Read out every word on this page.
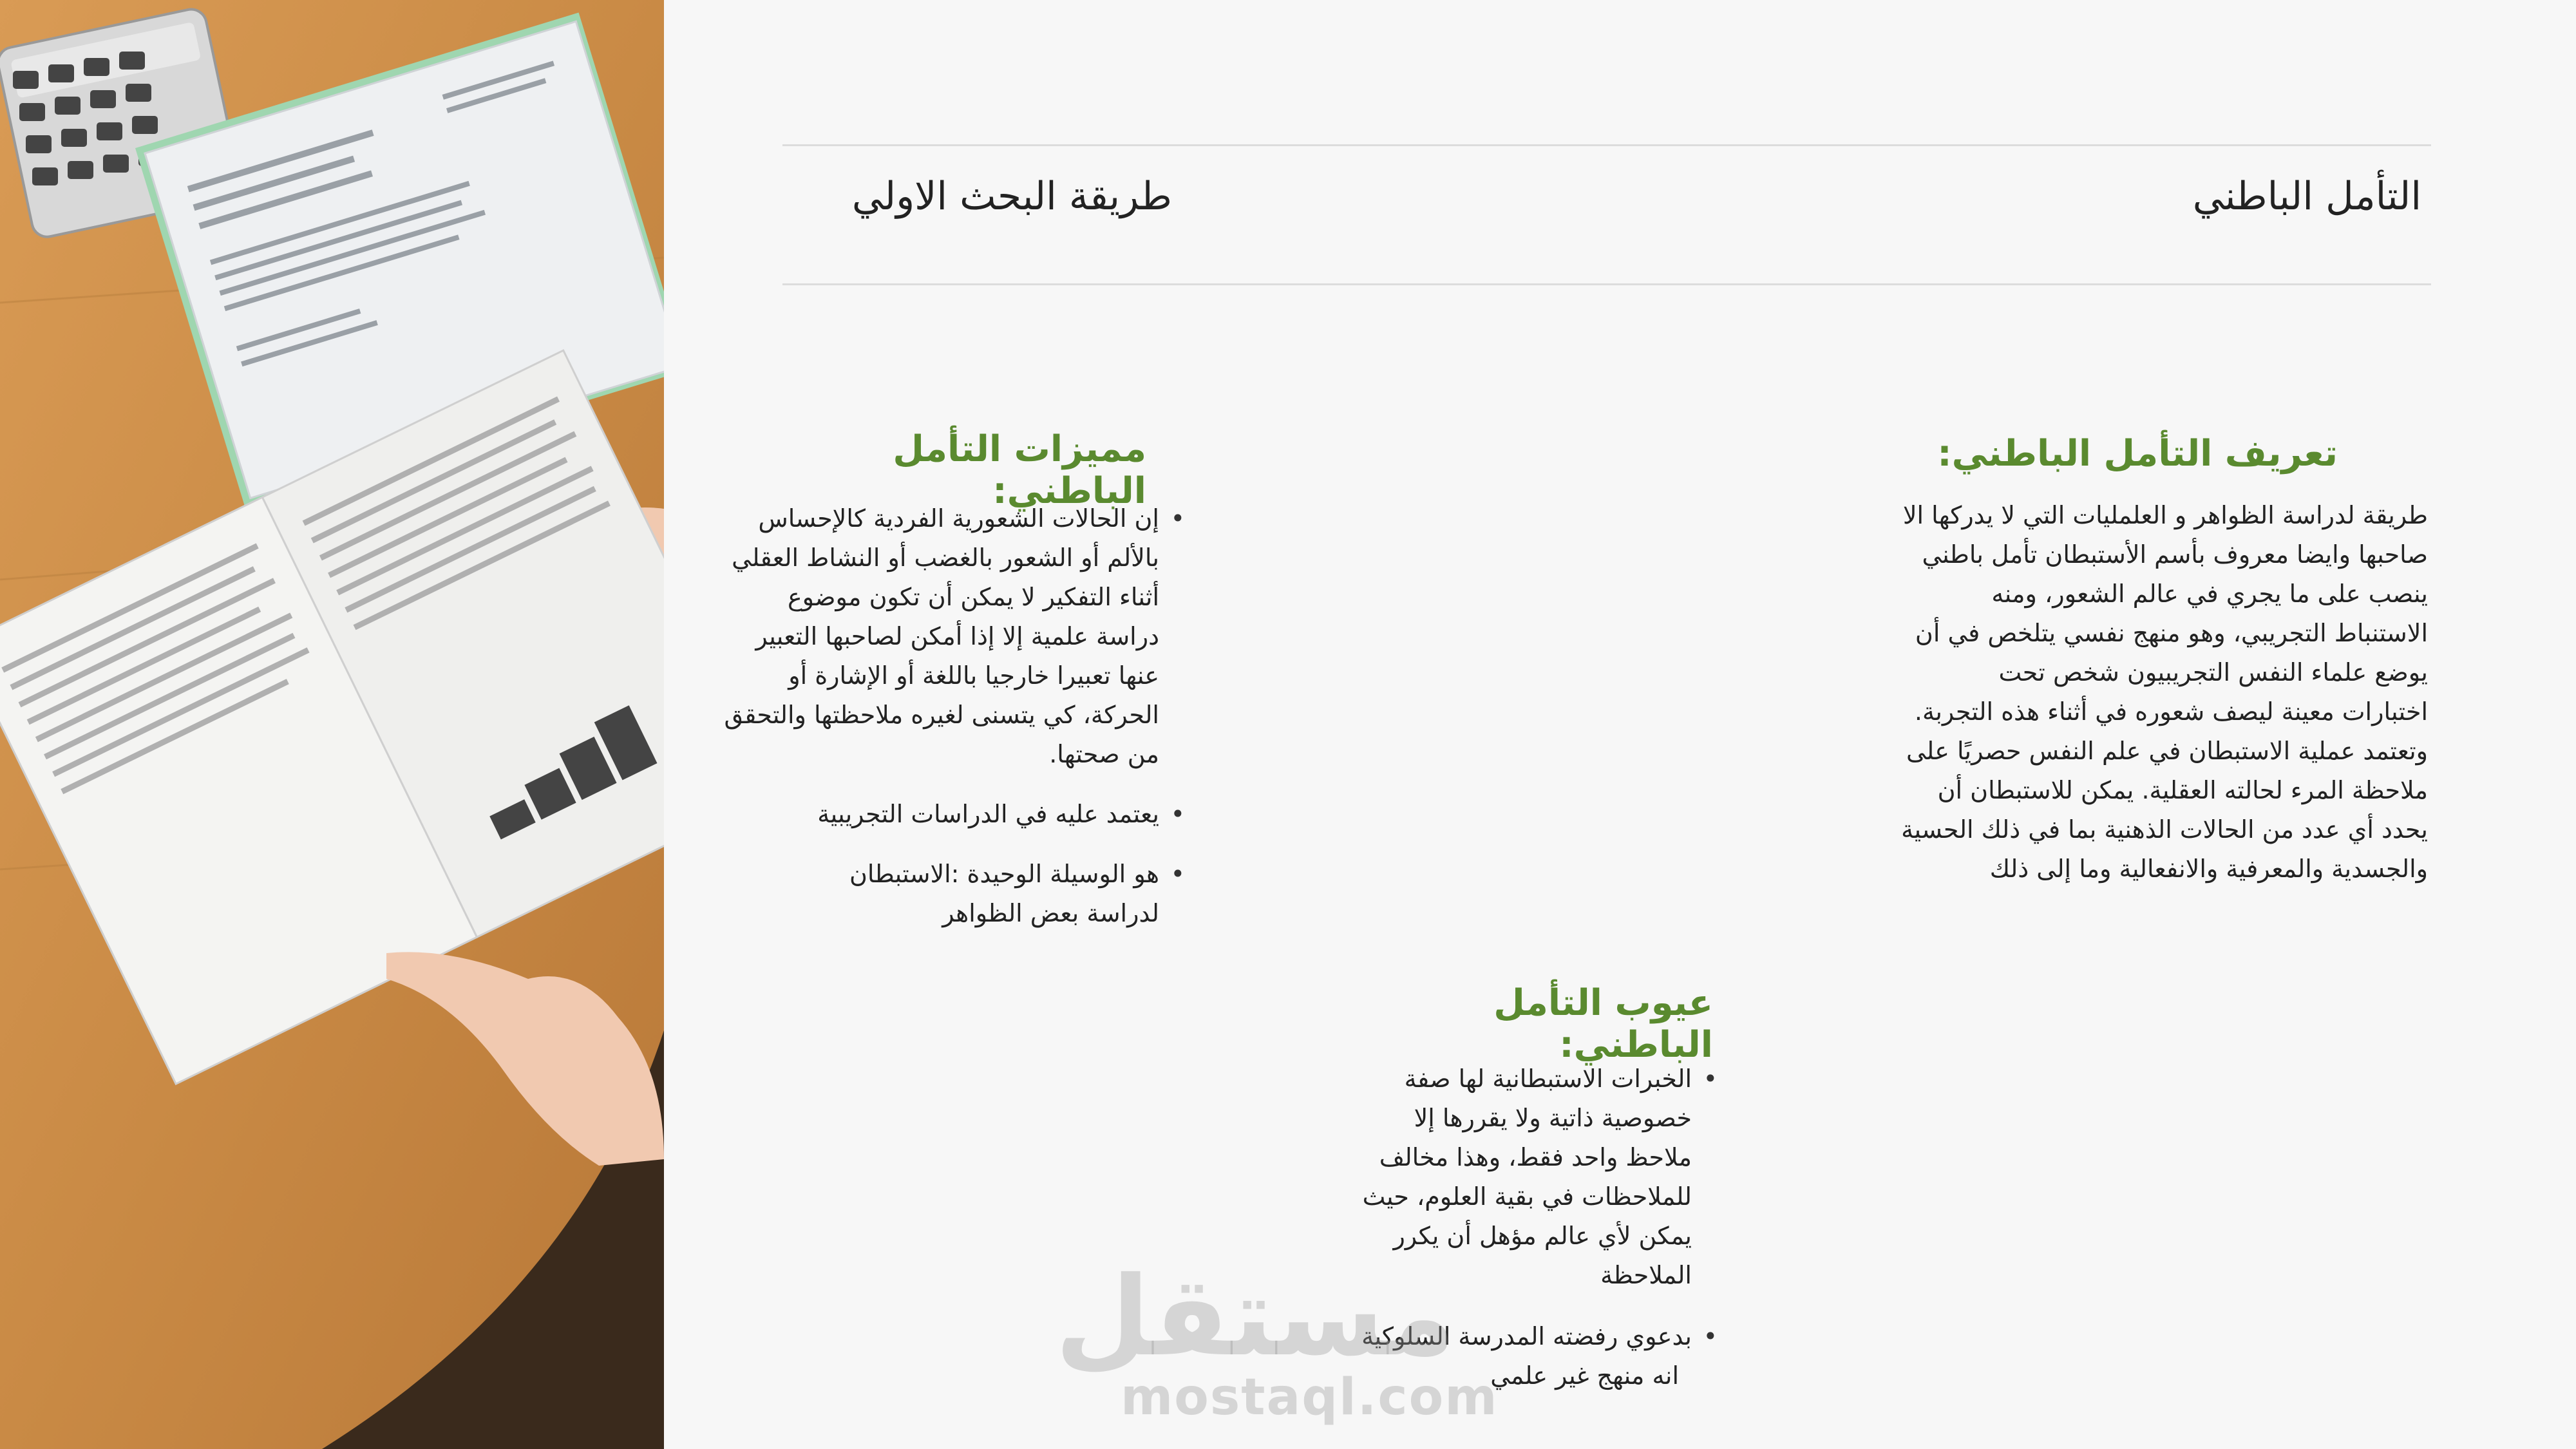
التأمل الباطني
طريقة البحث الاولي
تعريف التأمل الباطني:
طريقة لدراسة الظواهر و العلمليات التي لا يدركها الا
صاحبها وايضا معروف بأسم الأستبطان تأمل باطني
ينصب على ما يجري في عالم الشعور، ومنه
الاستنباط التجريبي، وهو منهج نفسي يتلخص في أن
يوضع علماء النفس التجريبيون شخص تحت
اختبارات معينة ليصف شعوره في أثناء هذه التجربة.
وتعتمد عملية الاستبطان في علم النفس حصريًا على
ملاحظة المرء لحالته العقلية. يمكن للاستبطان أن
يحدد أي عدد من الحالات الذهنية بما في ذلك الحسية
والجسدية والمعرفية والانفعالية وما إلى ذلك
مميزات التأمل الباطني:
• إن الحالات الشعورية الفردية كالإحساس
بالألم أو الشعور بالغضب أو النشاط العقلي
أثناء التفكير لا يمكن أن تكون موضوع
دراسة علمية إلا إذا أمكن لصاحبها التعبير
عنها تعبيرا خارجيا باللغة أو الإشارة أو
الحركة، كي يتسنى لغيره ملاحظتها والتحقق
من صحتها.
• يعتمد عليه في الدراسات التجريبية
• هو الوسيلة الوحيدة :الاستبطان
لدراسة بعض الظواهر
عيوب التأمل الباطني:
• الخبرات الاستبطانية لها صفة
خصوصية ذاتية ولا يقررها إلا
ملاحظ واحد فقط، وهذا مخالف
للملاحظات في بقية العلوم، حيث
يمكن لأي عالم مؤهل أن يكرر
الملاحظة
• بدعوي رفضته المدرسة السلوكية
انه منهج غير علمي
مستقل
mostaql.com
